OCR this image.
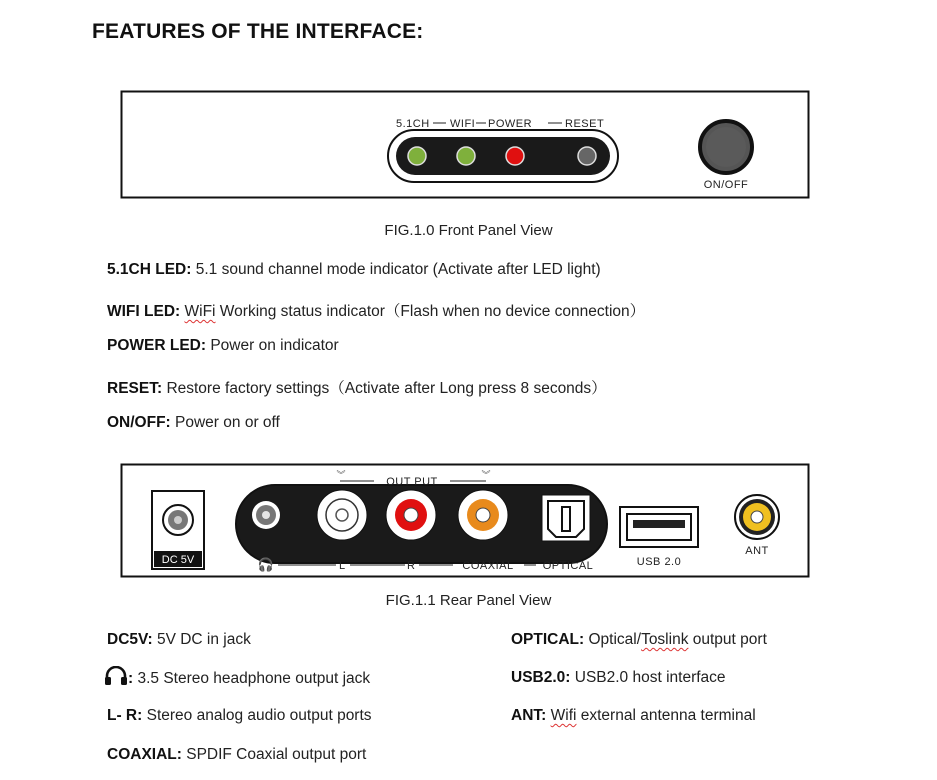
FEATURES OF THE INTERFACE:
5.1CH WIFI POWER	RESET
ON/OFF
FIG.1.0 Front Panel View
5.1CH LED: 5.1 sound channel mode indicator (Activate after LED light)
WIFI LED: WiFi Working status indicator（Flash when no device connection）
POWER LED: Power on indicator
RESET: Restore factory settings（Activate after Long press 8 seconds）
ON/OFF: Power on or off
DC 5V
︾
OUT PUT
︾
🎧	L	R	COAXIAL	OPTICAL	USB 2.0
ANT
FIG.1.1 Rear Panel View
DC5V: 5V DC in jack
: 3.5 Stereo headphone output jack
L- R: Stereo analog audio output ports
COAXIAL: SPDIF Coaxial output port
OPTICAL: Optical/Toslink output port
USB2.0: USB2.0 host interface
ANT: Wifi external antenna terminal
